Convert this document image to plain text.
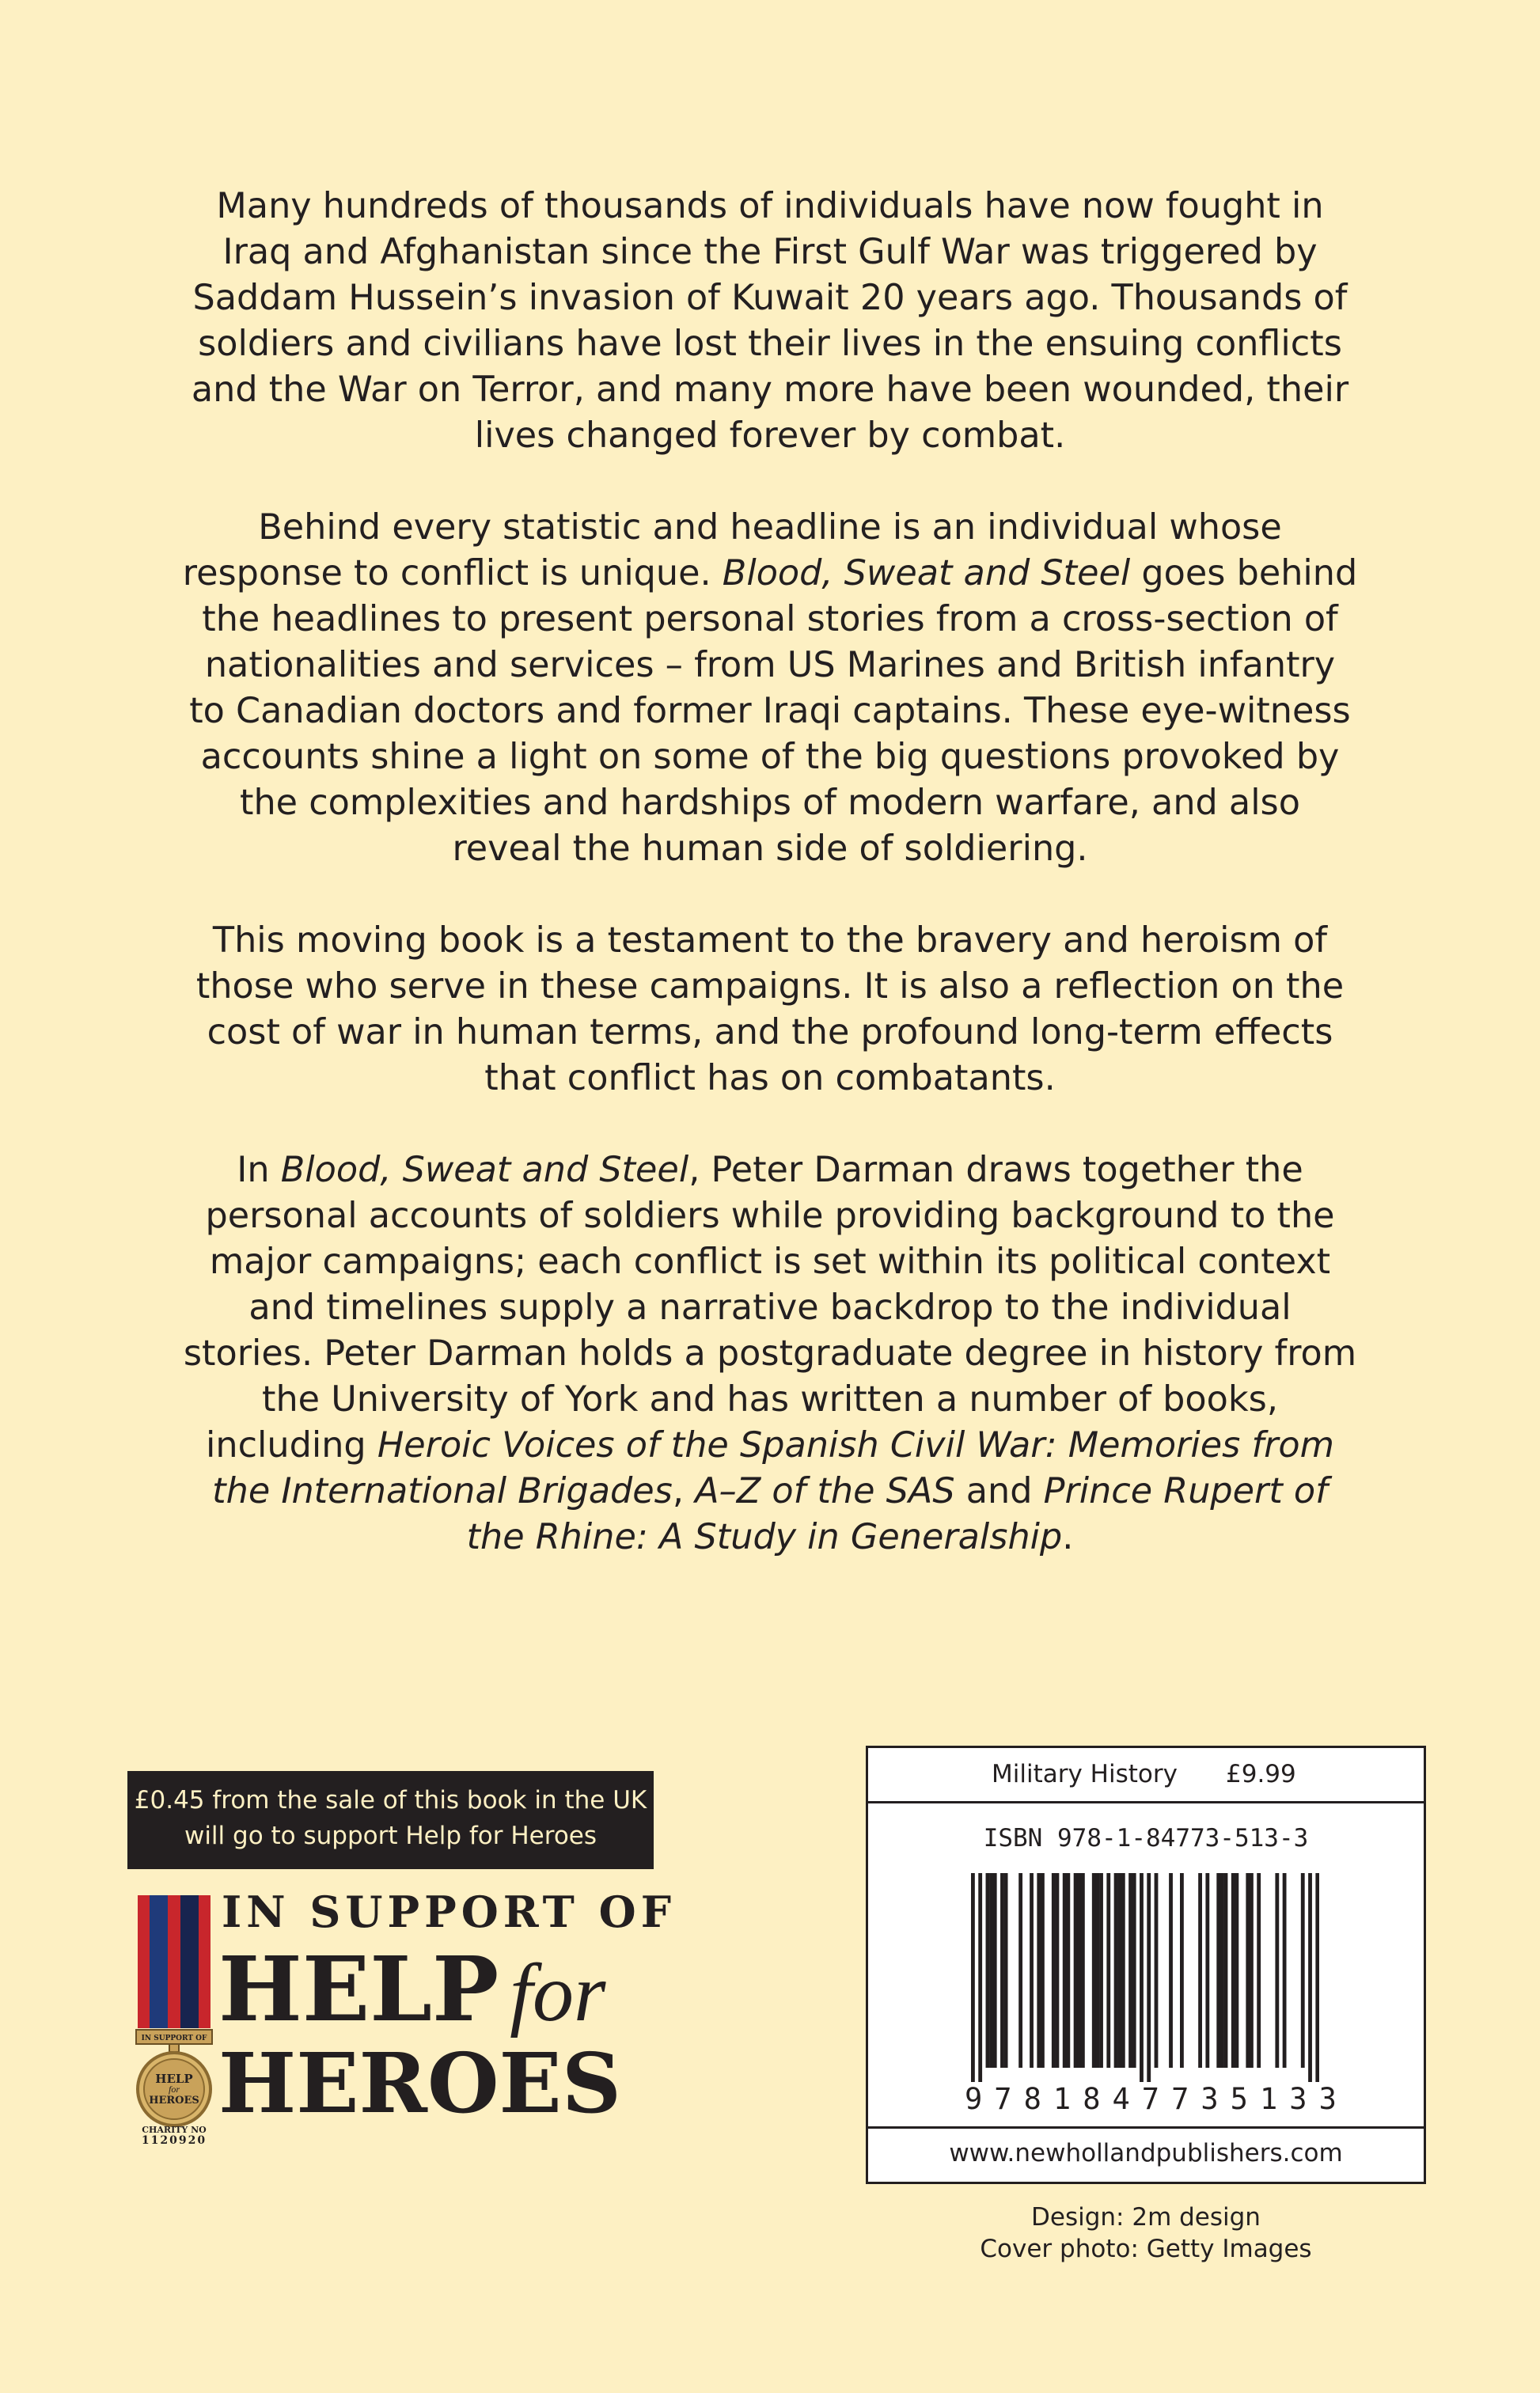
Many hundreds of thousands of individuals have now fought in Iraq and Afghanistan since the First Gulf War was triggered by Saddam Hussein’s invasion of Kuwait 20 years ago. Thousands of soldiers and civilians have lost their lives in the ensuing conflicts and the War on Terror, and many more have been wounded, their lives changed forever by combat.

Behind every statistic and headline is an individual whose response to conflict is unique. Blood, Sweat and Steel goes behind the headlines to present personal stories from a cross-section of nationalities and services – from US Marines and British infantry to Canadian doctors and former Iraqi captains. These eye-witness accounts shine a light on some of the big questions provoked by the complexities and hardships of modern warfare, and also reveal the human side of soldiering.

This moving book is a testament to the bravery and heroism of those who serve in these campaigns. It is also a reflection on the cost of war in human terms, and the profound long-term effects that conflict has on combatants.

In Blood, Sweat and Steel, Peter Darman draws together the personal accounts of soldiers while providing background to the major campaigns; each conflict is set within its political context and timelines supply a narrative backdrop to the individual stories. Peter Darman holds a postgraduate degree in history from the University of York and has written a number of books, including Heroic Voices of the Spanish Civil War: Memories from the International Brigades, A–Z of the SAS and Prince Rupert of the Rhine: A Study in Generalship.

£0.45 from the sale of this book in the UK
will go to support Help for Heroes
IN SUPPORT OF
HELP
for
HEROES
CHARITY NO
1120920
IN SUPPORT OF
HELP for
HEROES
Military History £9.99
ISBN 978-1-84773-513-3
9 7 8 1 8 4 7 7 3 5 1 3 3
www.newhollandpublishers.com
Design: 2m design
Cover photo: Getty Images
